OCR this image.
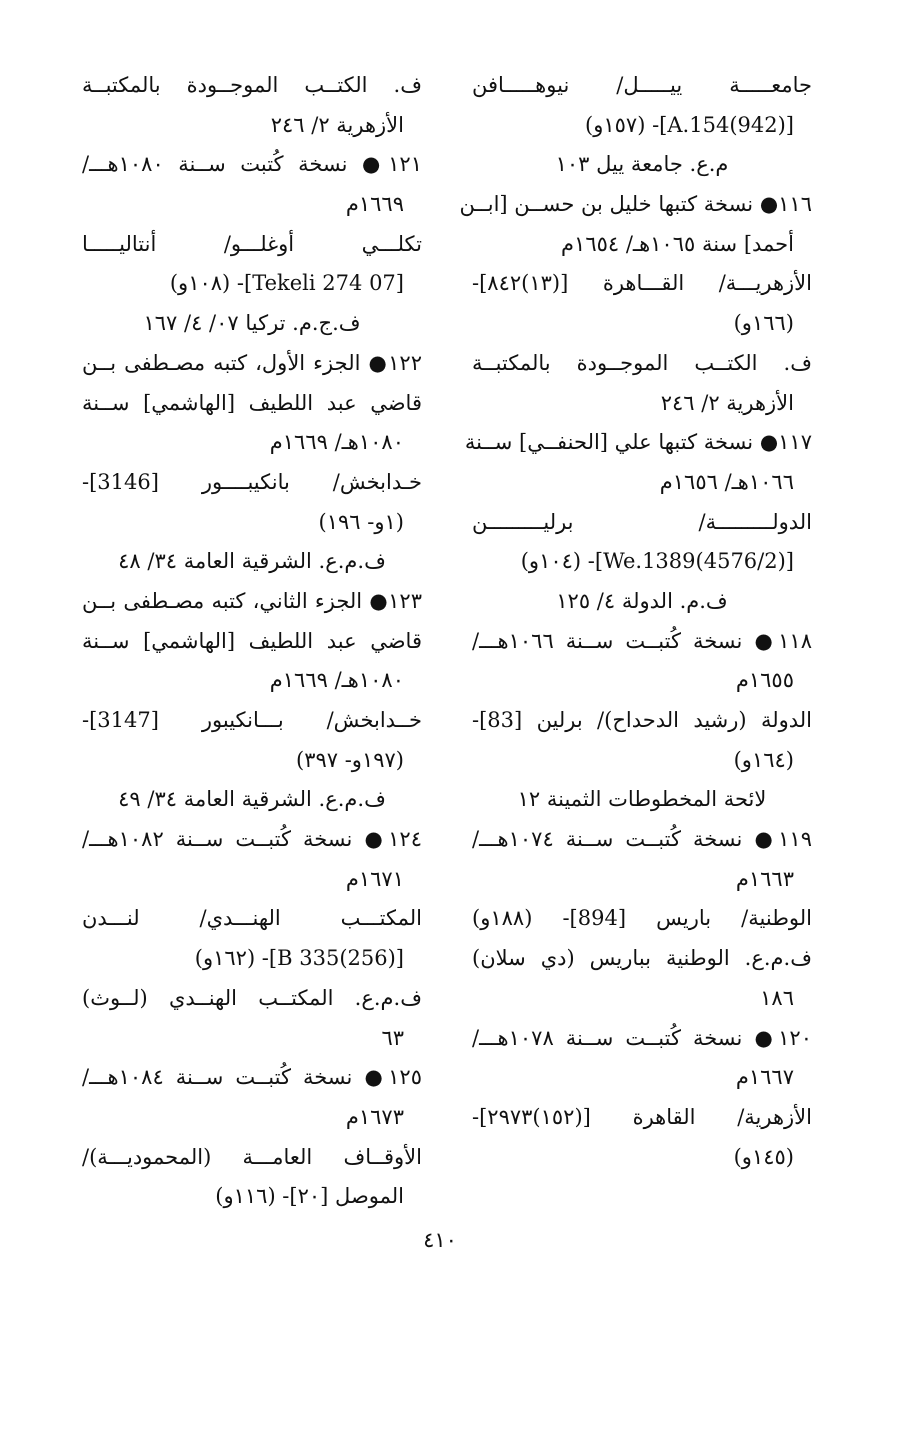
جامعـــــة ييـــــل/ نيوهـــــافن
[(942)A.154]- (١٥٧و)
م.ع. جامعة ييل ١٠٣
١١٦● نسخة كتبها خليل بن حســن [ابــن
أحمد] سنة ١٠٦٥هـ/ ١٦٥٤م
الأزهريـــة/ القـــاهرة [(١٣)٨٤٢]-
(١٦٦و)
ف. الكتــب الموجــودة بالمكتبــة
الأزهرية ٢/ ٢٤٦
١١٧● نسخة كتبها علي [الحنفــي] ســنة
١٠٦٦هـ/ ١٦٥٦م
الدولـــــــــة/ برليـــــــــن
[(4576/2)We.1389]- (١٠٤و)
ف.م. الدولة ٤/ ١٢٥
١١٨● نسخة كُتبــت ســنة ١٠٦٦هـــ/
١٦٥٥م
الدولة (رشيد الدحداح)/ برلين [83]-
(١٦٤و)
لائحة المخطوطات الثمينة ١٢
١١٩● نسخة كُتبــت ســنة ١٠٧٤هـــ/
١٦٦٣م
الوطنية/ باريس [894]- (١٨٨و)
ف.م.ع. الوطنية بباريس (دي سلان)
١٨٦
١٢٠● نسخة كُتبــت ســنة ١٠٧٨هـــ/
١٦٦٧م
الأزهرية/ القاهرة [(١٥٢)٢٩٧٣]-
(١٤٥و)
ف. الكتــب الموجــودة بالمكتبــة
الأزهرية ٢/ ٢٤٦
١٢١● نسخة كُتبت ســنة ١٠٨٠هـــ/
١٦٦٩م
تكلـــي أوغلـــو/ أنتاليـــــا
[07 Tekeli 274]- (١٠٨و)
ف.ج.م. تركيا ٠٧/ ٤/ ١٦٧
١٢٢● الجزء الأول، كتبه مصـطفى بــن
قاضي عبد اللطيف [الهاشمي] ســنة
١٠٨٠هـ/ ١٦٦٩م
خـدابخش/ بانكيبــــور [3146]-
(١و- ١٩٦)
ف.م.ع. الشرقية العامة ٣٤/ ٤٨
١٢٣● الجزء الثاني، كتبه مصـطفى بــن
قاضي عبد اللطيف [الهاشمي] ســنة
١٠٨٠هـ/ ١٦٦٩م
خــدابخش/ بـــانكيبور [3147]-
(١٩٧و- ٣٩٧)
ف.م.ع. الشرقية العامة ٣٤/ ٤٩
١٢٤● نسخة كُتبــت ســنة ١٠٨٢هـــ/
١٦٧١م
المكتـــب الهنـــدي/ لنـــدن
[(256)B 335]- (١٦٢و)
ف.م.ع. المكتــب الهنــدي (لــوث)
٦٣
١٢٥● نسخة كُتبــت ســنة ١٠٨٤هـــ/
١٦٧٣م
الأوقــاف العامـــة (المحموديـــة)/
الموصل [٢٠]- (١١٦و)
٤١٠
